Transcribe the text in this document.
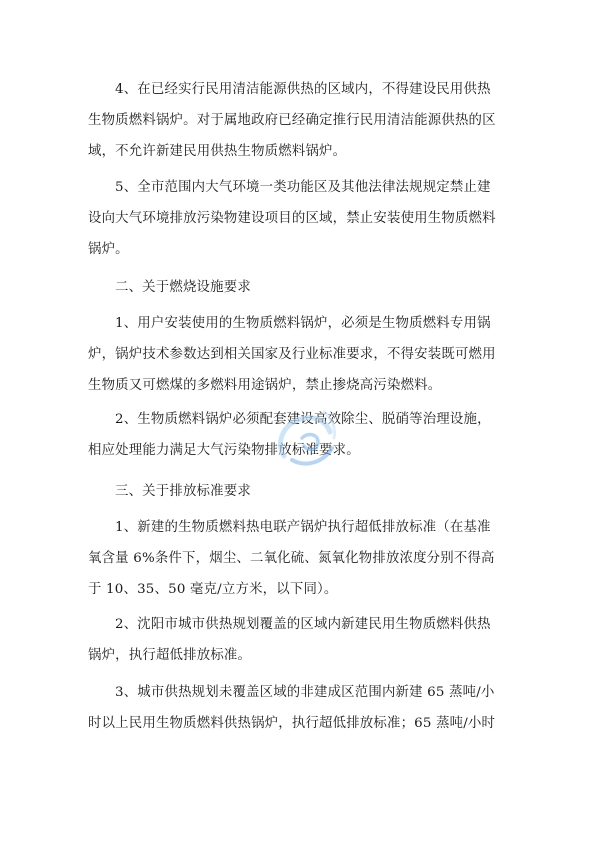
4、在已经实行民用清洁能源供热的区域内，不得建设民用供热
生物质燃料锅炉。对于属地政府已经确定推行民用清洁能源供热的区
域，不允许新建民用供热生物质燃料锅炉。

5、全市范围内大气环境一类功能区及其他法律法规规定禁止建
设向大气环境排放污染物建设项目的区域，禁止安装使用生物质燃料
锅炉。

二、关于燃烧设施要求

1、用户安装使用的生物质燃料锅炉，必须是生物质燃料专用锅
炉，锅炉技术参数达到相关国家及行业标准要求，不得安装既可燃用
生物质又可燃煤的多燃料用途锅炉，禁止掺烧高污染燃料。

2、生物质燃料锅炉必须配套建设高效除尘、脱硝等治理设施，
相应处理能力满足大气污染物排放标准要求。

三、关于排放标准要求

1、新建的生物质燃料热电联产锅炉执行超低排放标准（在基准
氧含量 6%条件下，烟尘、二氧化硫、氮氧化物排放浓度分别不得高
于 10、35、50 毫克/立方米，以下同）。

2、沈阳市城市供热规划覆盖的区域内新建民用生物质燃料供热
锅炉，执行超低排放标准。

3、城市供热规划未覆盖区域的非建成区范围内新建 65 蒸吨/小
时以上民用生物质燃料供热锅炉，执行超低排放标准；65 蒸吨/小时
